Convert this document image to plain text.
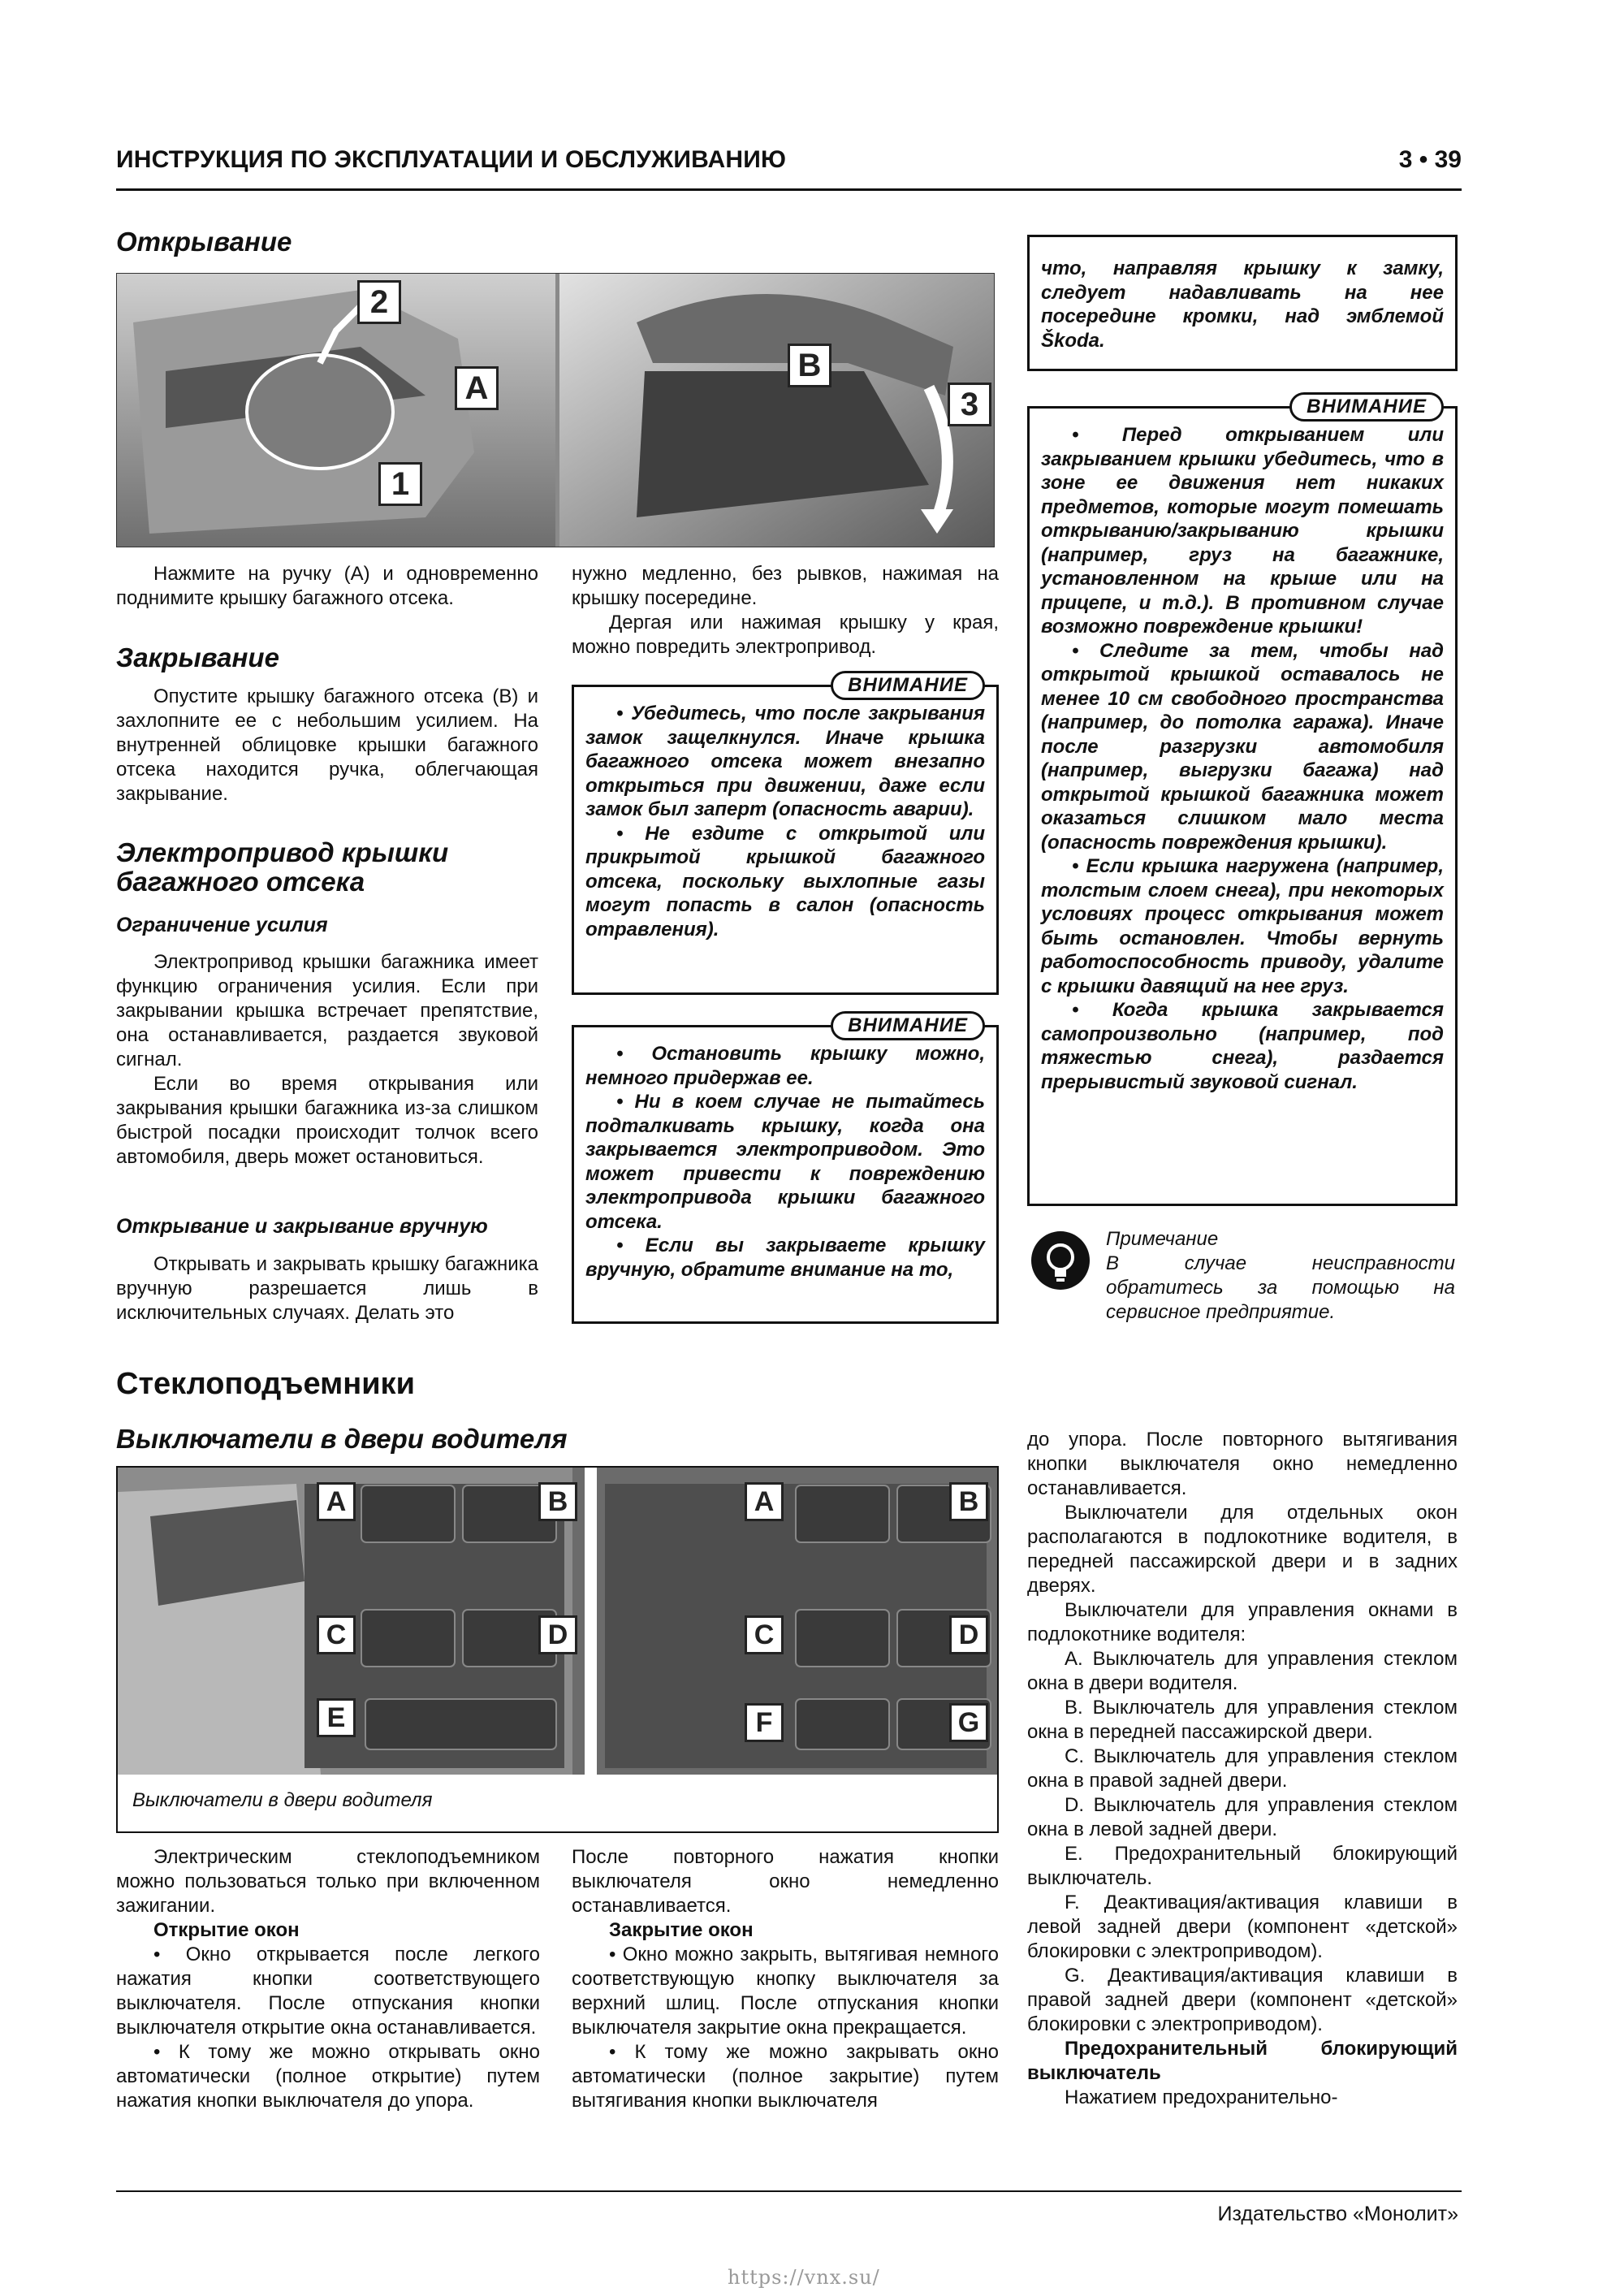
ИНСТРУКЦИЯ ПО ЭКСПЛУАТАЦИИ И ОБСЛУЖИВАНИЮ	3 • 39
Открывание
2
A
1
B
3

Нажмите на ручку (A) и одновременно поднимите крышку багажного отсека.

Закрывание

Опустите крышку багажного отсека (B) и захлопните ее с небольшим усилием. На внутренней облицовке крышки багажного отсека находится ручка, облегчающая закрывание.

Электропривод крышки
багажного отсека
Ограничение усилия

Электропривод крышки багажника имеет функцию ограничения усилия. Если при закрывании крышка встречает препятствие, она останавливается, раздается звуковой сигнал.

Если во время открывания или закрывания крышки багажника из-за слишком быстрой посадки происходит толчок всего автомобиля, дверь может остановиться.

Открывание и закрывание вручную

Открывать и закрывать крышку багажника вручную разрешается лишь в исключительных случаях. Делать это

нужно медленно, без рывков, нажимая на крышку посередине.

Дергая или нажимая крышку у края, можно повредить электропривод.

ВНИМАНИЕ

• Убедитесь, что после закрывания замок защелкнулся. Иначе крышка багажного отсека может внезапно открыться при движении, даже если замок был заперт (опасность аварии).

• Не ездите с открытой или прикрытой крышкой багажного отсека, поскольку выхлопные газы могут попасть в салон (опасность отравления).

ВНИМАНИЕ

• Остановить крышку можно, немного придержав ее.

• Ни в коем случае не пытайтесь подталкивать крышку, когда она закрывается электроприводом. Это может привести к повреждению электропривода крышки багажного отсека.

• Если вы закрываете крышку вручную, обратите внимание на то,

что, направляя крышку к замку, следует надавливать на нее посередине кромки, над эмблемой Škoda.

ВНИМАНИЕ

• Перед открыванием или закрыванием крышки убедитесь, что в зоне ее движения нет никаких предметов, которые могут помешать открыванию/закрыванию крышки (например, груз на багажнике, установленном на крыше или на прицепе, и т.д.). В противном случае возможно повреждение крышки!

• Следите за тем, чтобы над открытой крышкой оставалось не менее 10 см свободного пространства (например, до потолка гаража). Иначе после разгрузки автомобиля (например, выгрузки багажа) над открытой крышкой багажника может оказаться слишком мало места (опасность повреждения крышки).

• Если крышка нагружена (например, толстым слоем снега), при некоторых условиях процесс открывания может быть остановлен. Чтобы вернуть работоспособность приводу, удалите с крышки давящий на нее груз.

• Когда крышка закрывается самопроизвольно (например, под тяжестью снега), раздается прерывистый звуковой сигнал.

Примечание
В случае неисправности обратитесь за помощью на сервисное предприятие.
Стеклоподъемники
Выключатели в двери водителя
A	B
C	D
E
A	B
C	D
F	G
Выключатели в двери водителя

Электрическим стеклоподъемником можно пользоваться только при включенном зажигании.

Открытие окон

• Окно открывается после легкого нажатия кнопки соответствующего выключателя. После отпускания кнопки выключателя открытие окна останавливается.

• К тому же можно открывать окно автоматически (полное открытие) путем нажатия кнопки выключателя до упора.

После повторного нажатия кнопки выключателя окно немедленно останавливается.

Закрытие окон

• Окно можно закрыть, вытягивая немного соответствующую кнопку выключателя за верхний шлиц. После отпускания кнопки выключателя закрытие окна прекращается.

• К тому же можно закрывать окно автоматически (полное закрытие) путем вытягивания кнопки выключателя

до упора. После повторного вытягивания кнопки выключателя окно немедленно останавливается.

Выключатели для отдельных окон располагаются в подлокотнике водителя, в передней пассажирской двери и в задних дверях.

Выключатели для управления окнами в подлокотнике водителя:

A. Выключатель для управления стеклом окна в двери водителя.

B. Выключатель для управления стеклом окна в передней пассажирской двери.

C. Выключатель для управления стеклом окна в правой задней двери.

D. Выключатель для управления стеклом окна в левой задней двери.

E. Предохранительный блокирующий выключатель.

F. Деактивация/активация клавиши в левой задней двери (компонент «детской» блокировки с электроприводом).

G. Деактивация/активация клавиши в правой задней двери (компонент «детской» блокировки с электроприводом).

Предохранительный блокирующий выключатель

Нажатием предохранительно-

Издательство «Монолит»
https://vnx.su/
